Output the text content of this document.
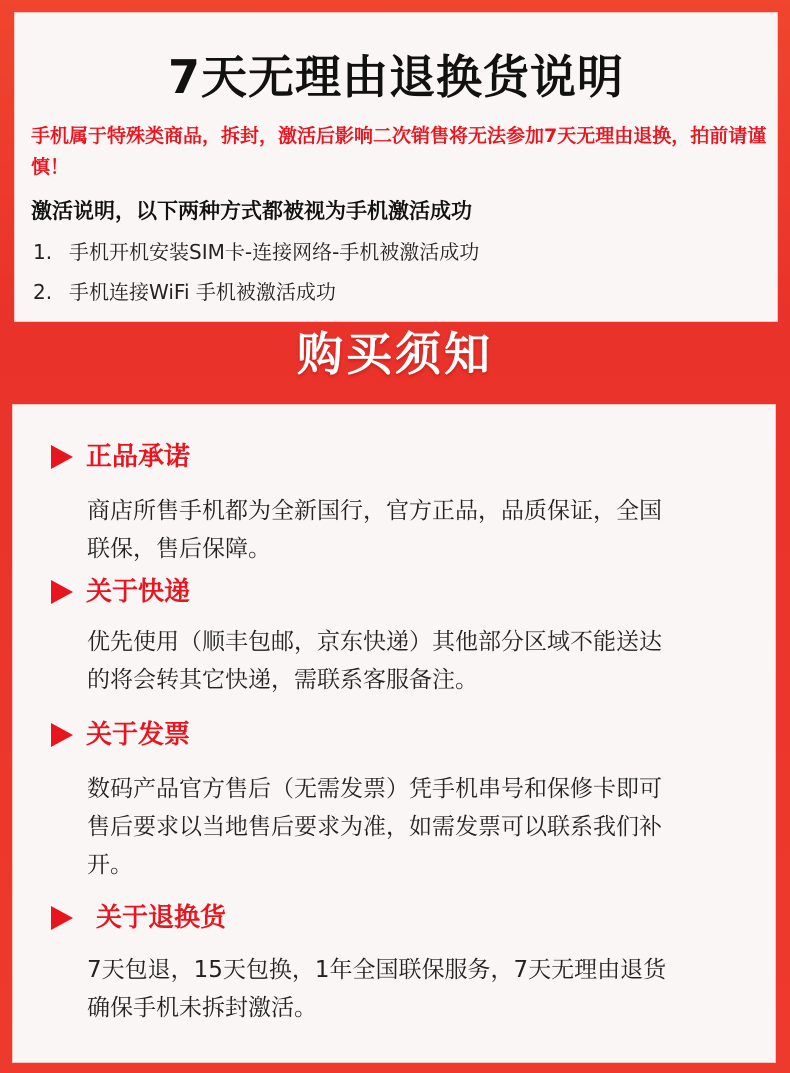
7天无理由退换货说明
手机属于特殊类商品，拆封，激活后影响二次销售将无法参加7天无理由退换，拍前请谨慎！
激活说明，以下两种方式都被视为手机激活成功
1. 手机开机安装SIM卡-连接网络-手机被激活成功
2. 手机连接WiFi 手机被激活成功
购买须知
正品承诺
商店所售手机都为全新国行，官方正品，品质保证，全国联保，售后保障。
关于快递
优先使用（顺丰包邮，京东快递）其他部分区域不能送达的将会转其它快递，需联系客服备注。
关于发票
数码产品官方售后（无需发票）凭手机串号和保修卡即可售后要求以当地售后要求为准，如需发票可以联系我们补开。
关于退换货
7天包退，15天包换，1年全国联保服务，7天无理由退货确保手机未拆封激活。
